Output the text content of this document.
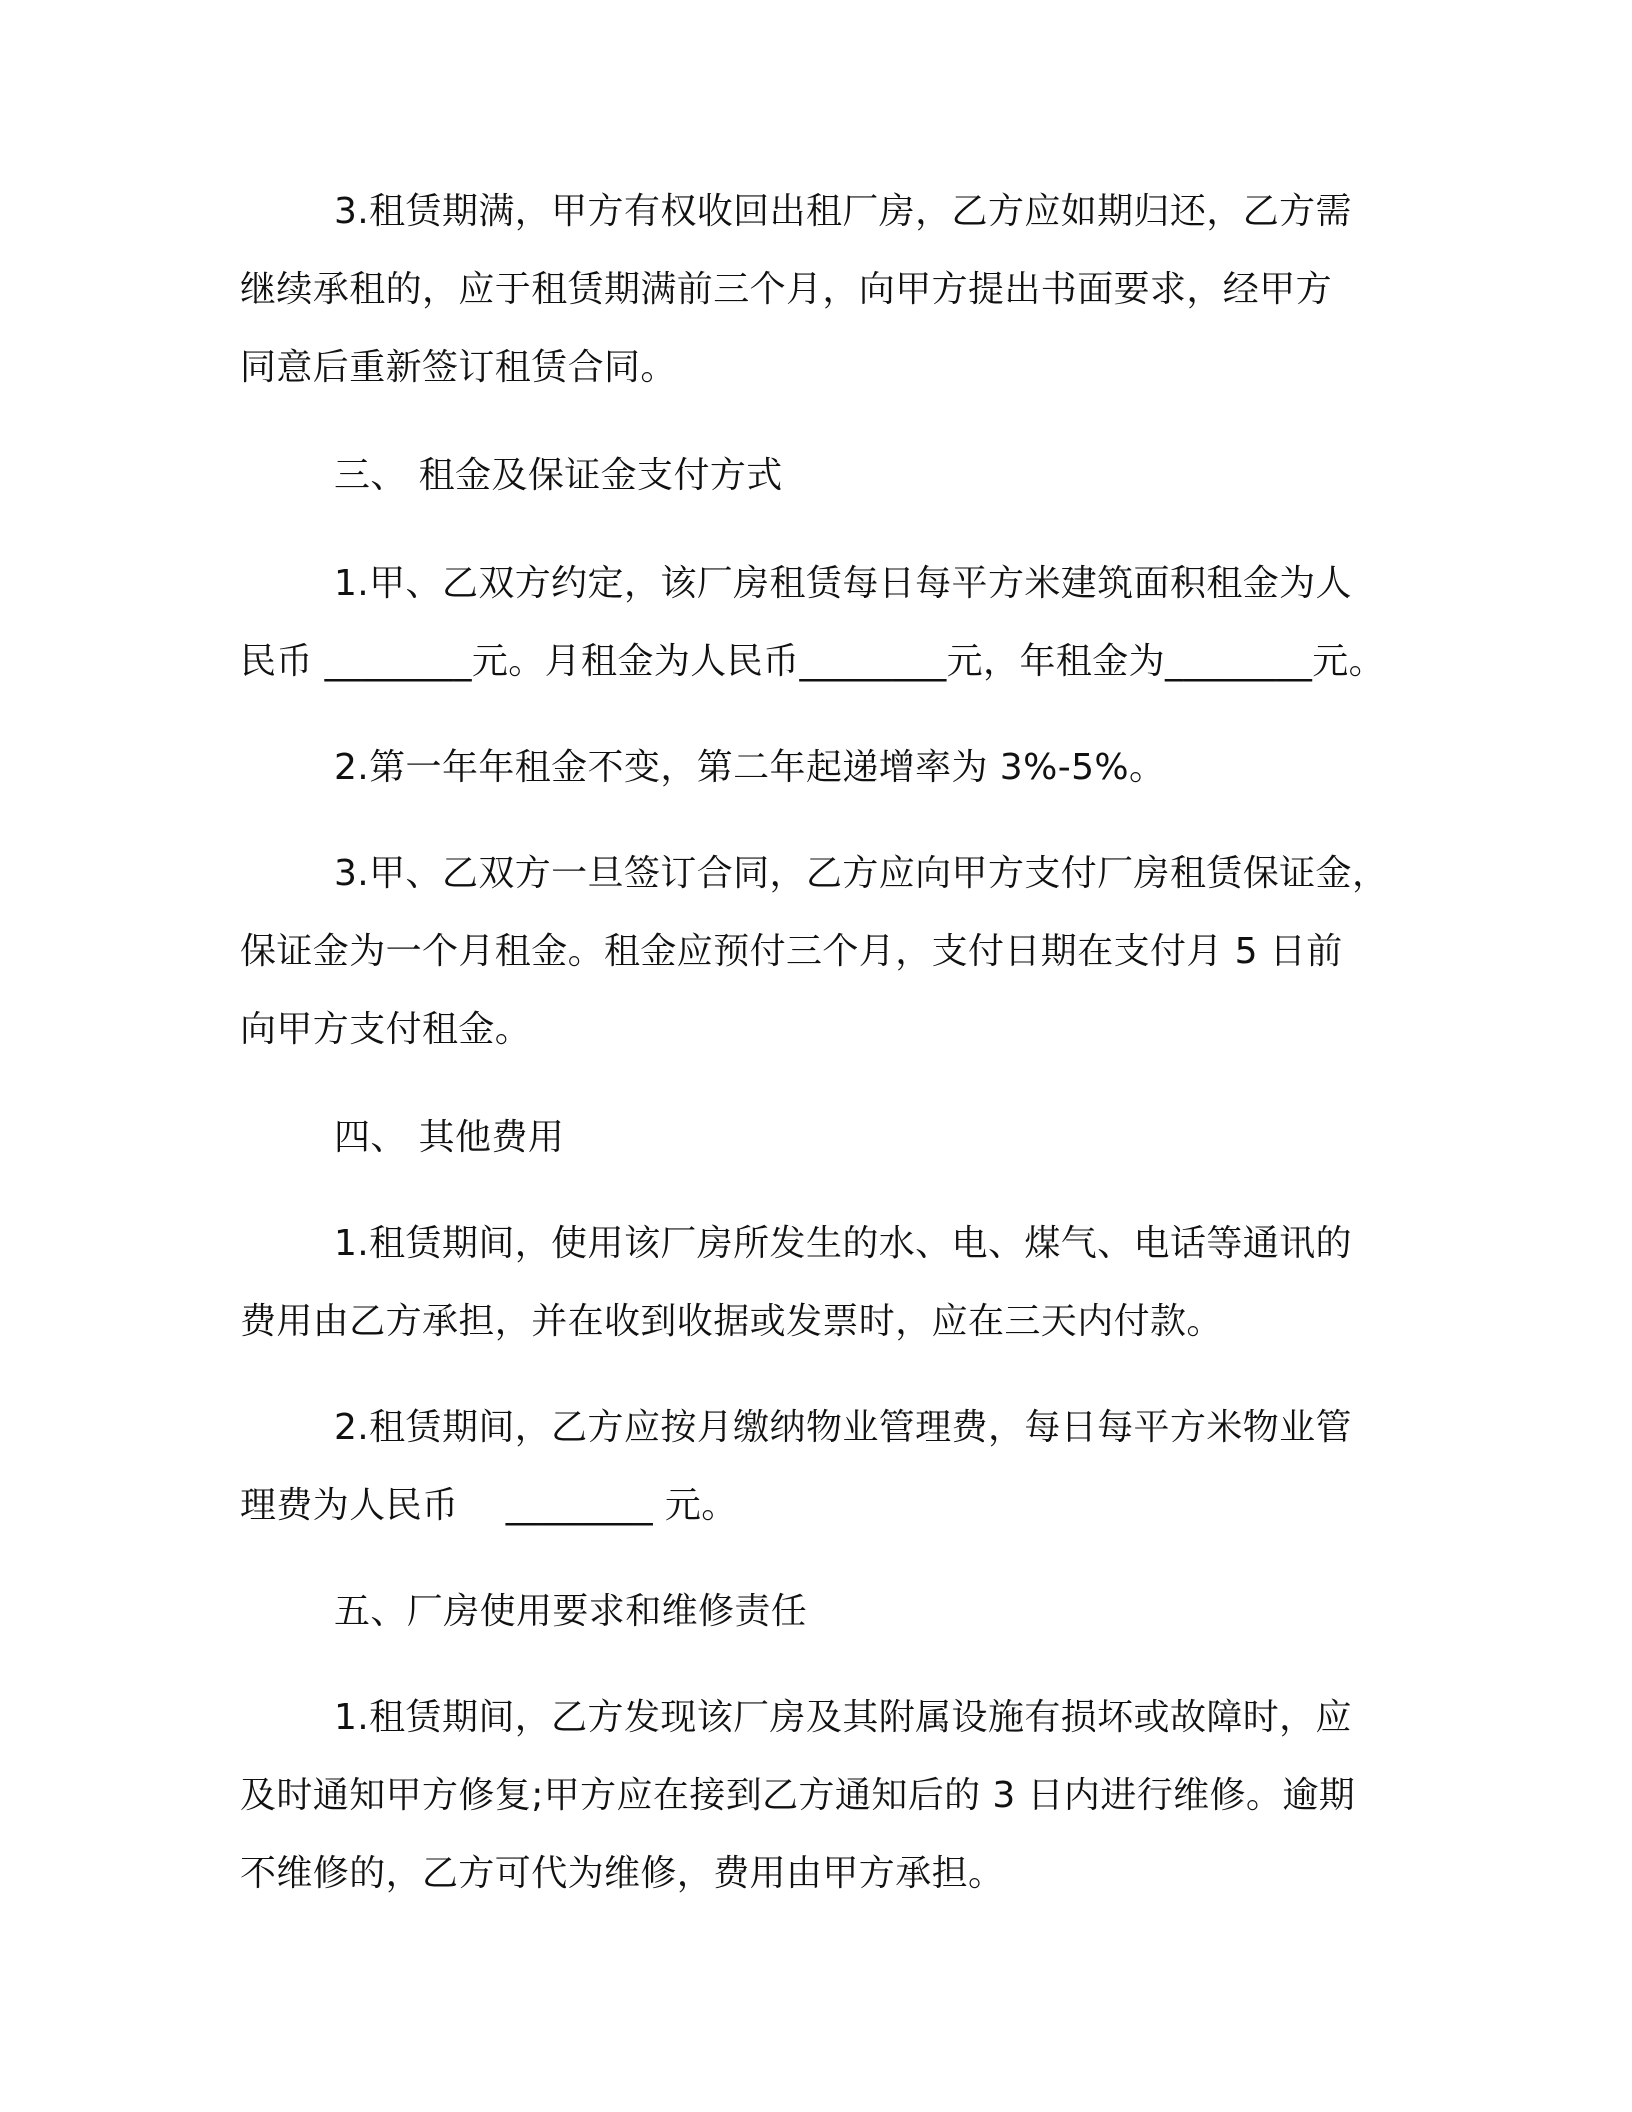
3.租赁期满，甲方有权收回出租厂房，乙方应如期归还，乙方需
继续承租的，应于租赁期满前三个月，向甲方提出书面要求，经甲方
同意后重新签订租赁合同。
三、 租金及保证金支付方式
1.甲、乙双方约定，该厂房租赁每日每平方米建筑面积租金为人
民币 ________元。月租金为人民币________元，年租金为________元。
2.第一年年租金不变，第二年起递增率为 3%-5%。
3.甲、乙双方一旦签订合同，乙方应向甲方支付厂房租赁保证金，
保证金为一个月租金。租金应预付三个月，支付日期在支付月 5 日前
向甲方支付租金。
四、 其他费用
1.租赁期间，使用该厂房所发生的水、电、煤气、电话等通讯的
费用由乙方承担，并在收到收据或发票时，应在三天内付款。
2.租赁期间，乙方应按月缴纳物业管理费，每日每平方米物业管
理费为人民币    ________ 元。
五、厂房使用要求和维修责任
1.租赁期间，乙方发现该厂房及其附属设施有损坏或故障时，应
及时通知甲方修复;甲方应在接到乙方通知后的 3 日内进行维修。逾期
不维修的，乙方可代为维修，费用由甲方承担。
